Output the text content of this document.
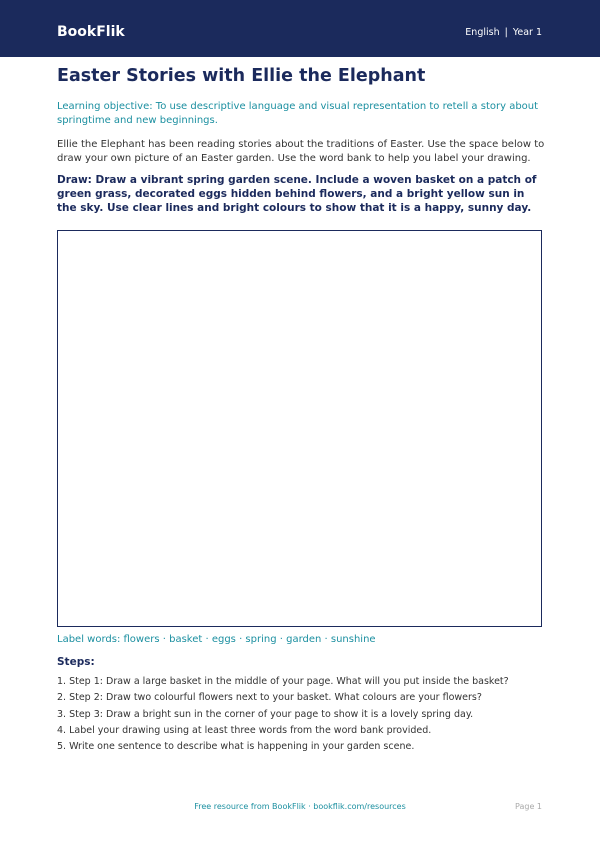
BookFlik	English | Year 1
Easter Stories with Ellie the Elephant

Learning objective: To use descriptive language and visual representation to retell a story about springtime and new beginnings.

Ellie the Elephant has been reading stories about the traditions of Easter. Use the space below to draw your own picture of an Easter garden. Use the word bank to help you label your drawing.

Draw: Draw a vibrant spring garden scene. Include a woven basket on a patch of green grass, decorated eggs hidden behind flowers, and a bright yellow sun in the sky. Use clear lines and bright colours to show that it is a happy, sunny day.

Label words: flowers · basket · eggs · spring · garden · sunshine
Steps:
1. Step 1: Draw a large basket in the middle of your page. What will you put inside the basket?
2. Step 2: Draw two colourful flowers next to your basket. What colours are your flowers?
3. Step 3: Draw a bright sun in the corner of your page to show it is a lovely spring day.
4. Label your drawing using at least three words from the word bank provided.
5. Write one sentence to describe what is happening in your garden scene.
Free resource from BookFlik · bookflik.com/resources	Page 1
